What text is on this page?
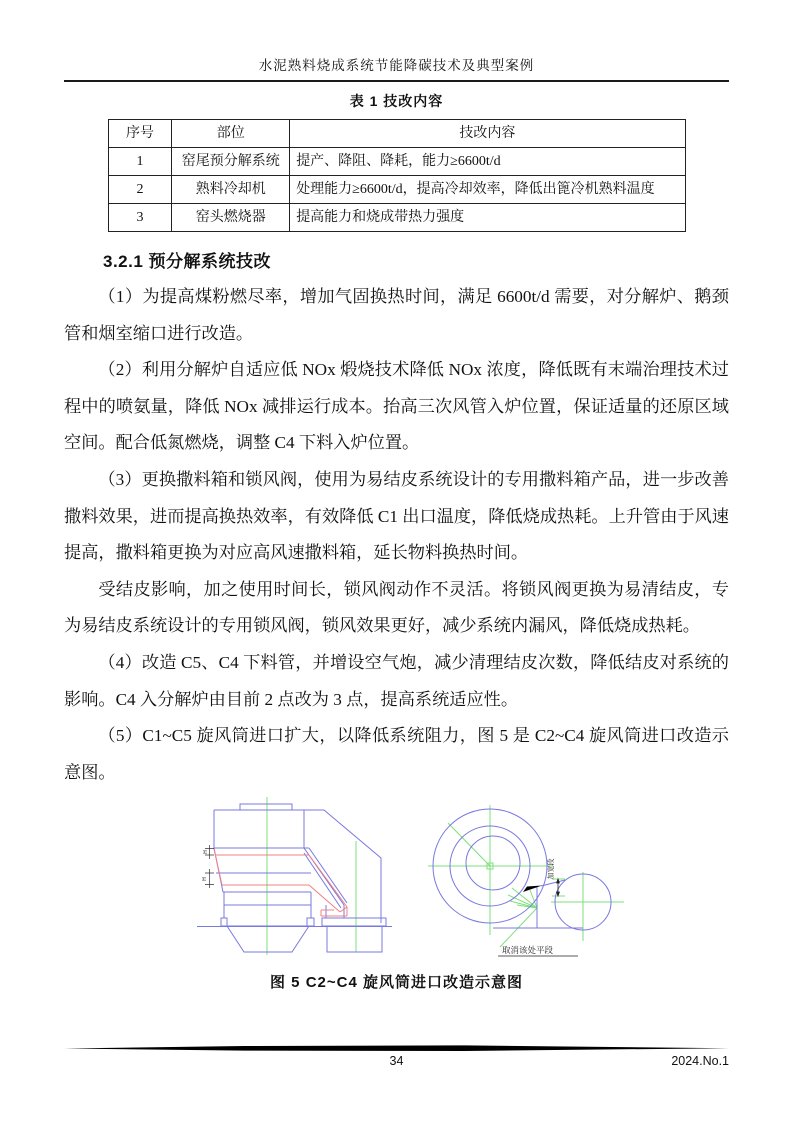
水泥熟料烧成系统节能降碳技术及典型案例
表 1 技改内容
序号	部位	技改内容
1	窑尾预分解系统	提产、降阻、降耗，能力≥6600t/d
2	熟料冷却机	处理能力≥6600t/d，提高冷却效率，降低出篦冷机熟料温度
3	窑头燃烧器	提高能力和烧成带热力强度
3.2.1 预分解系统技改

（1）为提高煤粉燃尽率，增加气固换热时间，满足 6600t/d 需要，对分解炉、鹅颈管和烟室缩口进行改造。

（2）利用分解炉自适应低 NOx 煅烧技术降低 NOx 浓度，降低既有末端治理技术过程中的喷氨量，降低 NOx 减排运行成本。抬高三次风管入炉位置，保证适量的还原区域空间。配合低氮燃烧，调整 C4 下料入炉位置。

（3）更换撒料箱和锁风阀，使用为易结皮系统设计的专用撒料箱产品，进一步改善撒料效果，进而提高换热效率，有效降低 C1 出口温度，降低烧成热耗。上升管由于风速提高，撒料箱更换为对应高风速撒料箱，延长物料换热时间。

受结皮影响，加之使用时间长，锁风阀动作不灵活。将锁风阀更换为易清结皮，专为易结皮系统设计的专用锁风阀，锁风效果更好，减少系统内漏风，降低烧成热耗。

（4）改造 C5、C4 下料管，并增设空气炮，减少清理结皮次数，降低结皮对系统的影响。C4 入分解炉由目前 2 点改为 3 点，提高系统适应性。

（5）C1~C5 旋风筒进口扩大，以降低系统阻力，图 5 是 C2~C4 旋风筒进口改造示意图。

H
H	加宽段
取消该处平段
图 5 C2~C4 旋风筒进口改造示意图
34	2024.No.1
